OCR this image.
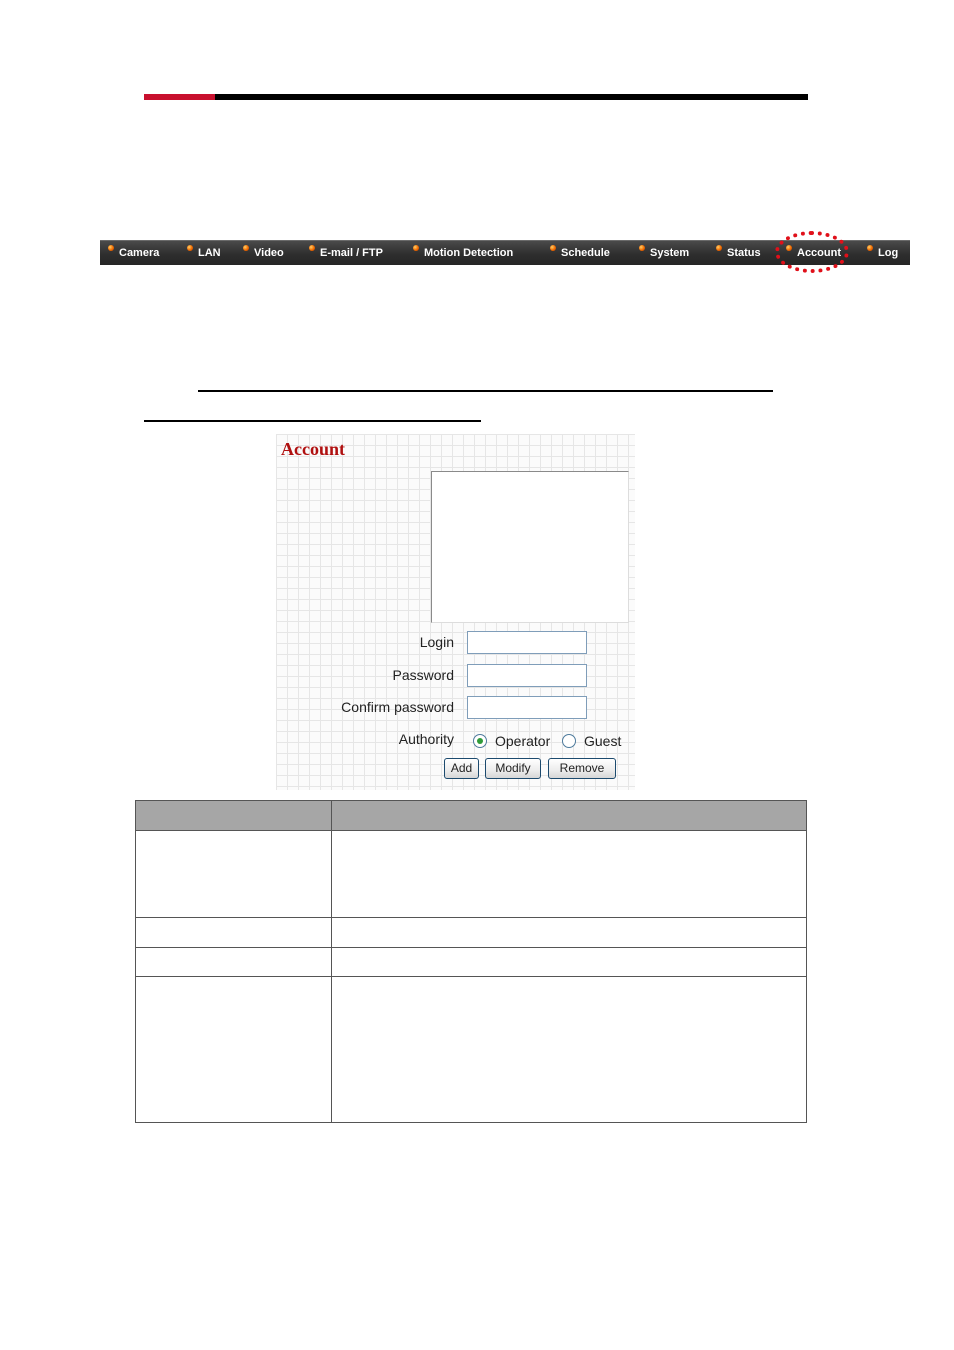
Camera	LAN	Video	E-mail / FTP	Motion Detection	Schedule	System	Status	Account	Log
Account
Login
Password
Confirm password
Authority	Operator Guest
Add	Modify	Remove
